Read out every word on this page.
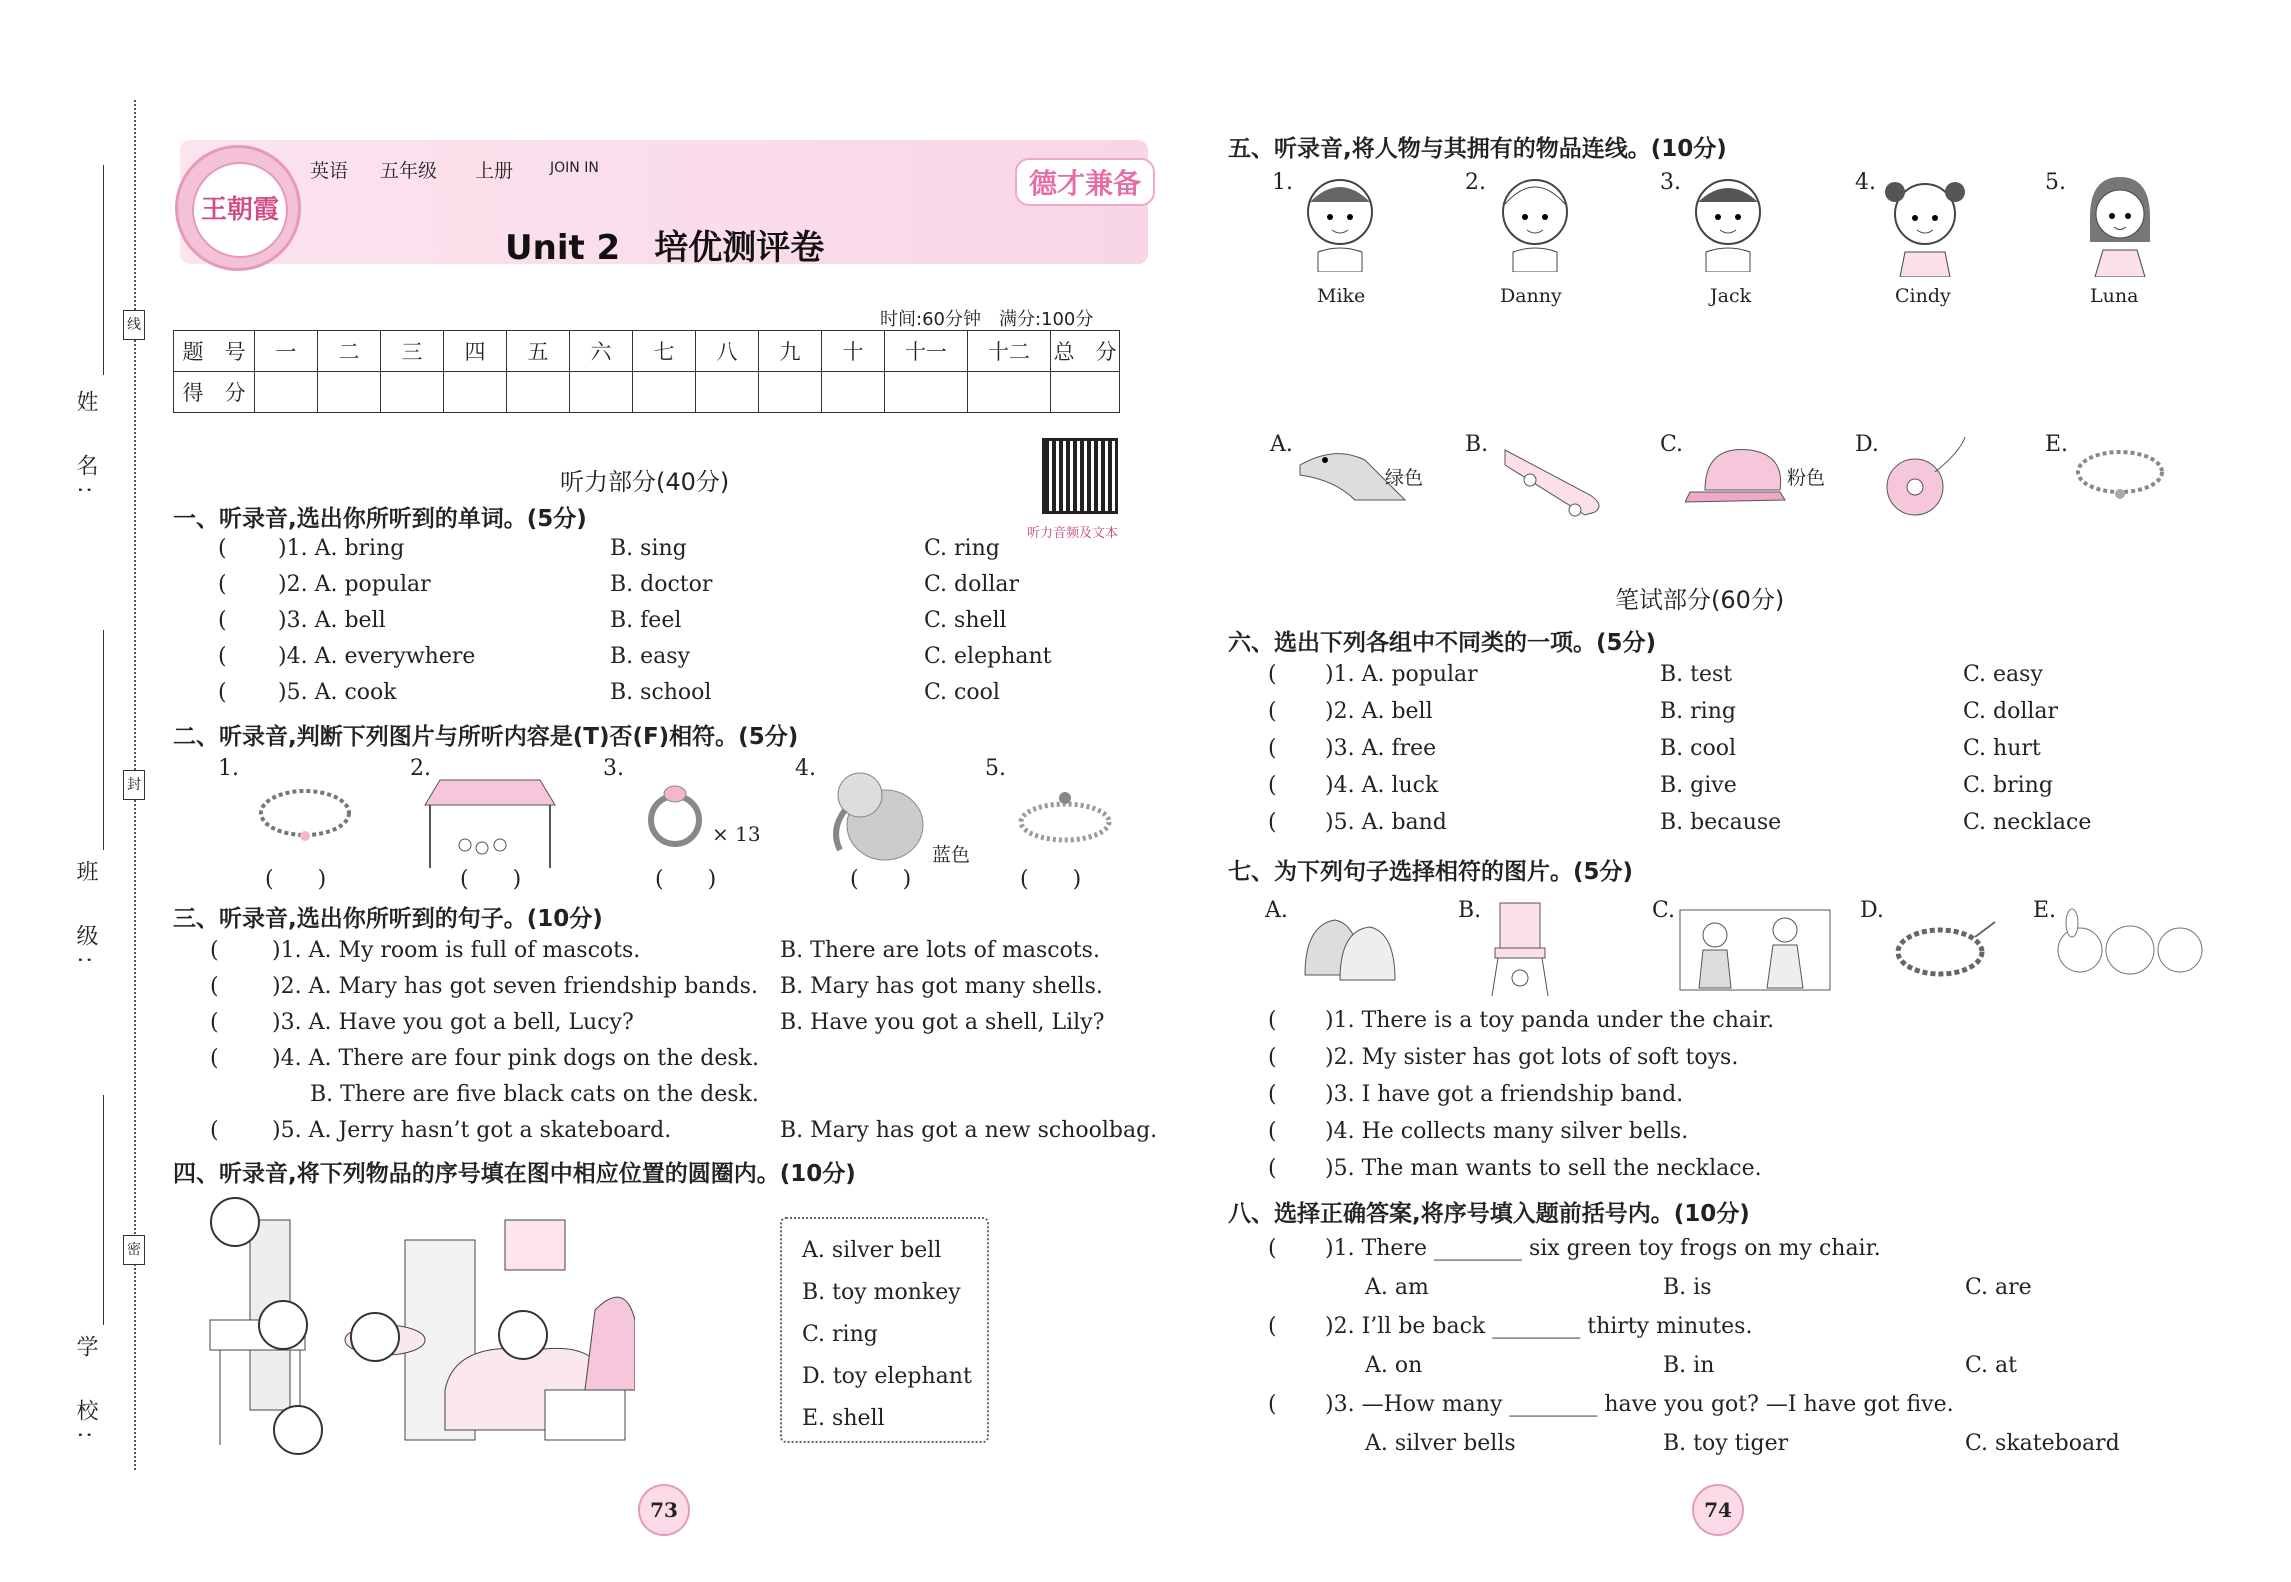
姓　名:
班　级:
学　校:
线
封
密
王朝霞
英语 五年级 上册	JOIN IN
Unit 2　培优测评卷
德才兼备
时间:60分钟　满分:100分
题　号	一	二	三	四	五	六	七	八	九	十	十一	十二	总　分
得　分													
听力部分(40分)
听力音频及文本
一、听录音,选出你所听到的单词。(5分)
( )1. A. bring	B. sing	C. ring
( )2. A. popular	B. doctor	C. dollar
( )3. A. bell	B. feel	C. shell
( )4. A. everywhere	B. easy	C. elephant
( )5. A. cook	B. school	C. cool
二、听录音,判断下列图片与所听内容是(T)否(F)相符。(5分)
1.	2.	3.	4.	5.
× 13
蓝色
(　　)	(　　)	(　　)	(　　)	(　　)
三、听录音,选出你所听到的句子。(10分)
( )1. A. My room is full of mascots.	B. There are lots of mascots.
( )2. A. Mary has got seven friendship bands. B. Mary has got many shells.
( )3. A. Have you got a bell, Lucy?	B. Have you got a shell, Lily?
( )4. A. There are four pink dogs on the desk.
B. There are five black cats on the desk.
( )5. A. Jerry hasn’t got a skateboard.	B. Mary has got a new schoolbag.
四、听录音,将下列物品的序号填在图中相应位置的圆圈内。(10分)
A. silver bell
B. toy monkey
C. ring
D. toy elephant
E. shell
73
五、听录音,将人物与其拥有的物品连线。(10分)
1.
Mike
2.
Danny
3.
Jack
4.
Cindy
5.
Luna
A.
绿色
B.	C.
粉色
D.	E.
笔试部分(60分)
六、选出下列各组中不同类的一项。(5分)
( )1. A. popular	B. test	C. easy
( )2. A. bell	B. ring	C. dollar
( )3. A. free	B. cool	C. hurt
( )4. A. luck	B. give	C. bring
( )5. A. band	B. because	C. necklace
七、为下列句子选择相符的图片。(5分)
A.	B.	C.	D.	E.
( )1. There is a toy panda under the chair.
( )2. My sister has got lots of soft toys.
( )3. I have got a friendship band.
( )4. He collects many silver bells.
( )5. The man wants to sell the necklace.
八、选择正确答案,将序号填入题前括号内。(10分)
( )1. There ________ six green toy frogs on my chair.
A. am	B. is	C. are
( )2. I’ll be back ________ thirty minutes.
A. on	B. in	C. at
( )3. —How many ________ have you got? —I have got five.
A. silver bells	B. toy tiger	C. skateboard
74
